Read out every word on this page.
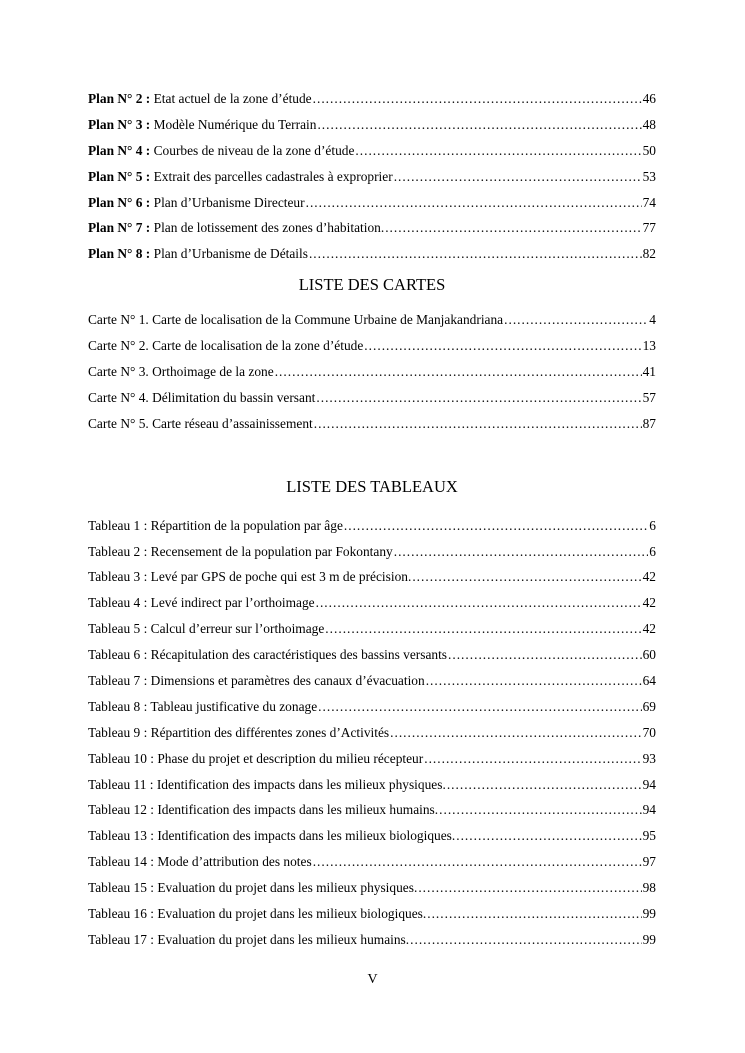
Plan N° 2 : Etat actuel de la zone d’étude .....	46
Plan N° 3 : Modèle Numérique du Terrain .....	48
Plan N° 4 : Courbes de niveau de la zone d’étude .....	50
Plan N° 5 : Extrait des parcelles cadastrales à exproprier .....	53
Plan N° 6 : Plan d’Urbanisme Directeur .....	74
Plan N° 7 : Plan de lotissement des zones d’habitation. .....	77
Plan N° 8 : Plan d’Urbanisme de Détails .....	82
LISTE DES CARTES
Carte N° 1. Carte de localisation de la Commune Urbaine de Manjakandriana .....	4
Carte N° 2. Carte de localisation de la zone d’étude .....	13
Carte N° 3. Orthoimage de la zone .....	41
Carte N° 4. Délimitation du bassin versant .....	57
Carte N° 5. Carte réseau d’assainissement .....	87
LISTE DES TABLEAUX
Tableau 1 : Répartition de la population par âge .....	6
Tableau 2 : Recensement de la population par Fokontany .....	6
Tableau 3 : Levé par GPS de poche qui est 3 m de précision. .....	42
Tableau 4 : Levé indirect par l’orthoimage .....	42
Tableau 5 : Calcul d’erreur sur l’orthoimage .....	42
Tableau 6 : Récapitulation des caractéristiques des bassins versants .....	60
Tableau 7 : Dimensions et paramètres des canaux d’évacuation .....	64
Tableau 8 : Tableau justificative du zonage .....	69
Tableau 9 : Répartition des différentes zones d’Activités .....	70
Tableau 10 : Phase du projet et description du milieu récepteur .....	93
Tableau 11 : Identification des impacts dans les milieux physiques. .....	94
Tableau 12 : Identification des impacts dans les milieux humains. .....	94
Tableau 13 : Identification des impacts dans les milieux biologiques. .....	95
Tableau 14 : Mode d’attribution des notes .....	97
Tableau 15 : Evaluation du projet dans les milieux physiques. .....	98
Tableau 16 : Evaluation du projet dans les milieux biologiques. .....	99
Tableau 17 : Evaluation du projet dans les milieux humains. .....	99
V
